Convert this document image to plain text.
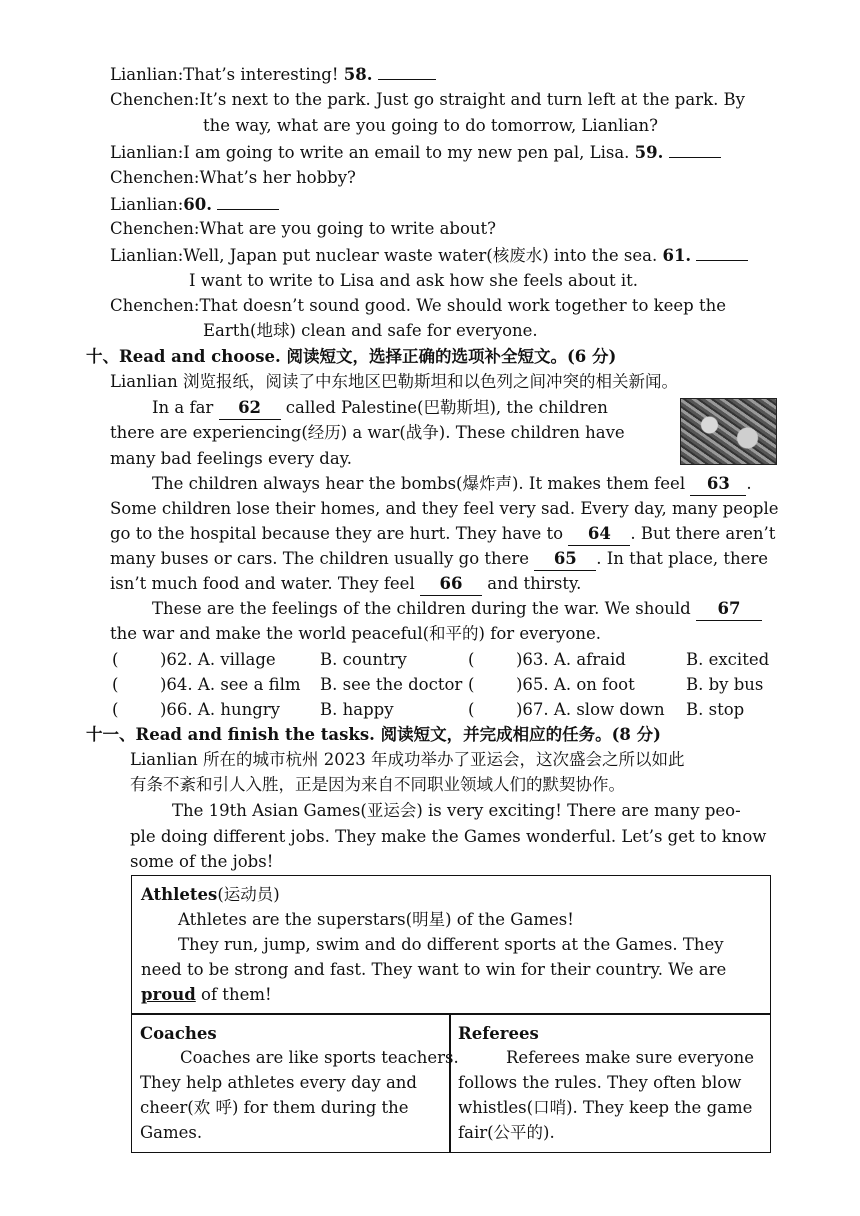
Lianlian:That’s interesting! 58.
Chenchen:It’s next to the park. Just go straight and turn left at the park. By
the way, what are you going to do tomorrow, Lianlian?
Lianlian:I am going to write an email to my new pen pal, Lisa. 59.
Chenchen:What’s her hobby?
Lianlian:60.
Chenchen:What are you going to write about?
Lianlian:Well, Japan put nuclear waste water(核废水) into the sea. 61.
I want to write to Lisa and ask how she feels about it.
Chenchen:That doesn’t sound good. We should work together to keep the
Earth(地球) clean and safe for everyone.
十、Read and choose. 阅读短文，选择正确的选项补全短文。(6 分)
Lianlian 浏览报纸，阅读了中东地区巴勒斯坦和以色列之间冲突的相关新闻。
In a far 62 called Palestine(巴勒斯坦), the children
there are experiencing(经历) a war(战争). These children have
many bad feelings every day.
The children always hear the bombs(爆炸声). It makes them feel 63 .
Some children lose their homes, and they feel very sad. Every day, many people
go to the hospital because they are hurt. They have to 64 . But there aren’t
many buses or cars. The children usually go there 65 . In that place, there
isn’t much food and water. They feel 66 and thirsty.
These are the feelings of the children during the war. We should 67
the war and make the world peaceful(和平的) for everyone.
(	)62. A. village	B. country	(	)63. A. afraid	B. excited
(	)64. A. see a film B. see the doctor (	)65. A. on foot	B. by bus
(	)66. A. hungry B. happy	(	)67. A. slow down B. stop
十一、Read and finish the tasks. 阅读短文，并完成相应的任务。(8 分)
Lianlian 所在的城市杭州 2023 年成功举办了亚运会，这次盛会之所以如此
有条不紊和引人入胜，正是因为来自不同职业领域人们的默契协作。
The 19th Asian Games(亚运会) is very exciting! There are many peo-
ple doing different jobs. They make the Games wonderful. Let’s get to know
some of the jobs!
Athletes(运动员)
Athletes are the superstars(明星) of the Games!
They run, jump, swim and do different sports at the Games. They
need to be strong and fast. They want to win for their country. We are
proud of them!
Coaches
Coaches are like sports teachers.
They help athletes every day and
cheer(欢 呼) for them during the
Games.
Referees
Referees make sure everyone
follows the rules. They often blow
whistles(口哨). They keep the game
fair(公平的).
